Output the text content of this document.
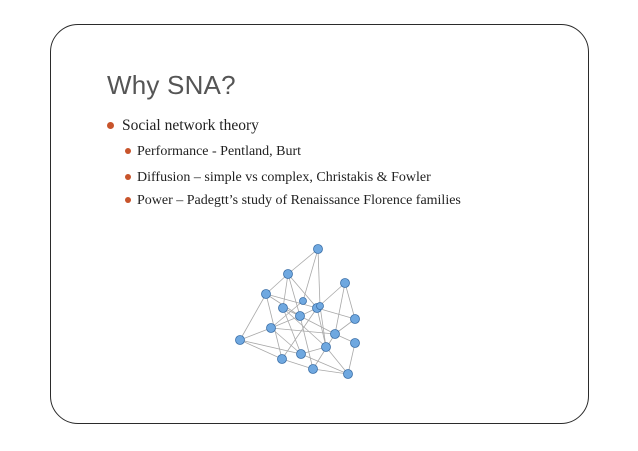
Why SNA?
Social network theory
Performance - Pentland, Burt
Diffusion – simple vs complex, Christakis & Fowler
Power – Padegtt’s study of Renaissance Florence families
